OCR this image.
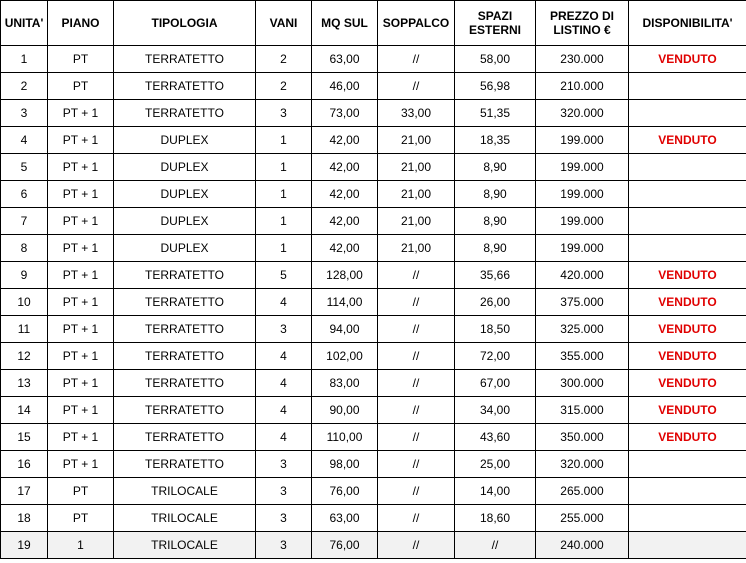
UNITA'	PIANO	TIPOLOGIA	VANI	MQ SUL	SOPPALCO	SPAZI ESTERNI	PREZZO DI LISTINO €	DISPONIBILITA'
1	PT	TERRATETTO	2	63,00	//	58,00	230.000	VENDUTO
2	PT	TERRATETTO	2	46,00	//	56,98	210.000	
3	PT + 1	TERRATETTO	3	73,00	33,00	51,35	320.000	
4	PT + 1	DUPLEX	1	42,00	21,00	18,35	199.000	VENDUTO
5	PT + 1	DUPLEX	1	42,00	21,00	8,90	199.000	
6	PT + 1	DUPLEX	1	42,00	21,00	8,90	199.000	
7	PT + 1	DUPLEX	1	42,00	21,00	8,90	199.000	
8	PT + 1	DUPLEX	1	42,00	21,00	8,90	199.000	
9	PT + 1	TERRATETTO	5	128,00	//	35,66	420.000	VENDUTO
10	PT + 1	TERRATETTO	4	114,00	//	26,00	375.000	VENDUTO
11	PT + 1	TERRATETTO	3	94,00	//	18,50	325.000	VENDUTO
12	PT + 1	TERRATETTO	4	102,00	//	72,00	355.000	VENDUTO
13	PT + 1	TERRATETTO	4	83,00	//	67,00	300.000	VENDUTO
14	PT + 1	TERRATETTO	4	90,00	//	34,00	315.000	VENDUTO
15	PT + 1	TERRATETTO	4	110,00	//	43,60	350.000	VENDUTO
16	PT + 1	TERRATETTO	3	98,00	//	25,00	320.000	
17	PT	TRILOCALE	3	76,00	//	14,00	265.000	
18	PT	TRILOCALE	3	63,00	//	18,60	255.000	
19	1	TRILOCALE	3	76,00	//	//	240.000	
